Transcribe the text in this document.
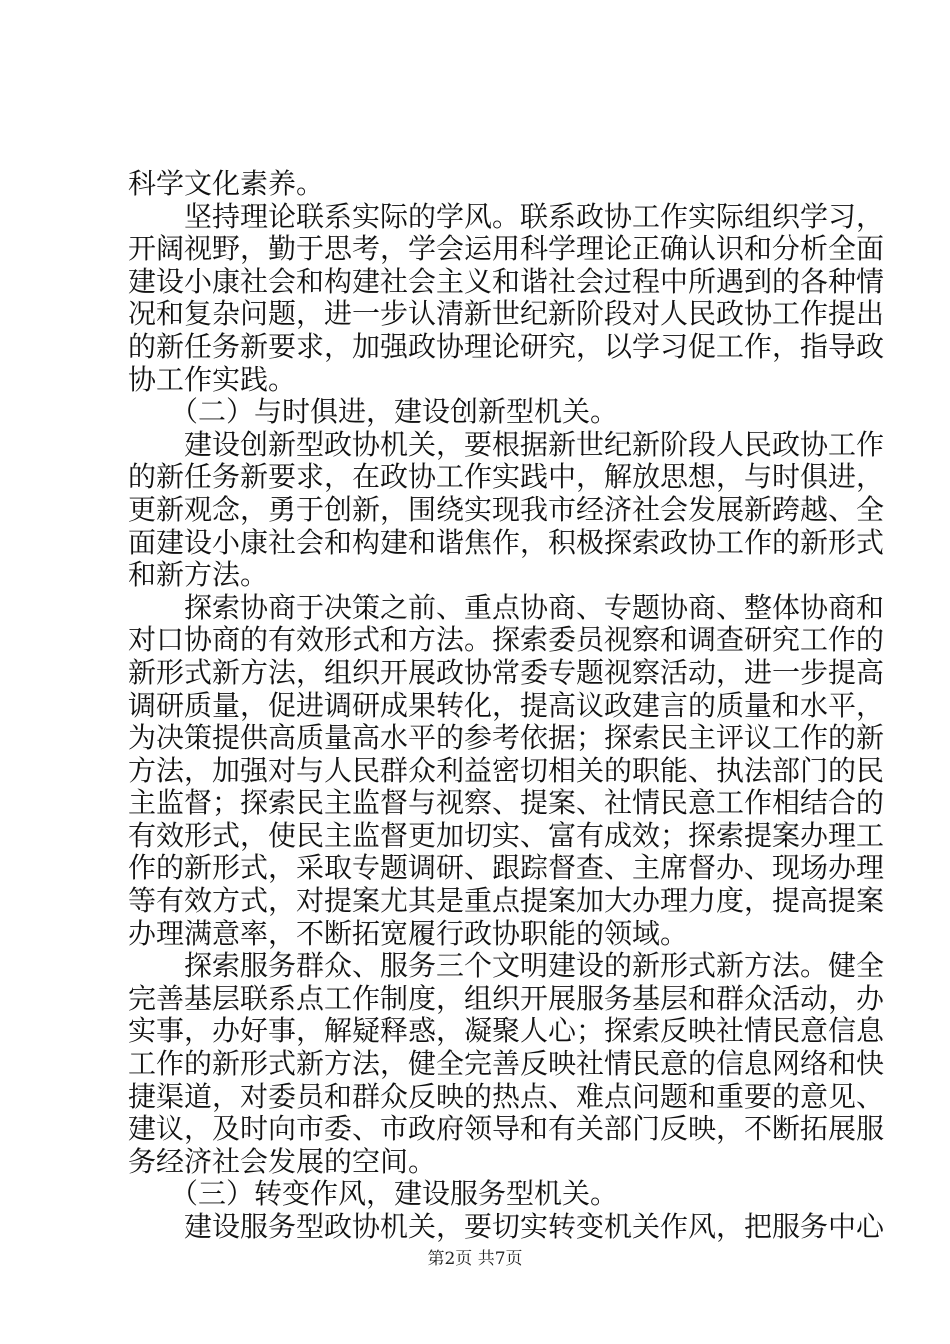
科学文化素养。
　　坚持理论联系实际的学风。联系政协工作实际组织学习，
开阔视野，勤于思考，学会运用科学理论正确认识和分析全面
建设小康社会和构建社会主义和谐社会过程中所遇到的各种情
况和复杂问题，进一步认清新世纪新阶段对人民政协工作提出
的新任务新要求，加强政协理论研究，以学习促工作，指导政
协工作实践。
　　（二）与时俱进，建设创新型机关。
　　建设创新型政协机关，要根据新世纪新阶段人民政协工作
的新任务新要求，在政协工作实践中，解放思想，与时俱进，
更新观念，勇于创新，围绕实现我市经济社会发展新跨越、全
面建设小康社会和构建和谐焦作，积极探索政协工作的新形式
和新方法。
　　探索协商于决策之前、重点协商、专题协商、整体协商和
对口协商的有效形式和方法。探索委员视察和调查研究工作的
新形式新方法，组织开展政协常委专题视察活动，进一步提高
调研质量，促进调研成果转化，提高议政建言的质量和水平，
为决策提供高质量高水平的参考依据；探索民主评议工作的新
方法，加强对与人民群众利益密切相关的职能、执法部门的民
主监督；探索民主监督与视察、提案、社情民意工作相结合的
有效形式，使民主监督更加切实、富有成效；探索提案办理工
作的新形式，采取专题调研、跟踪督查、主席督办、现场办理
等有效方式，对提案尤其是重点提案加大办理力度，提高提案
办理满意率，不断拓宽履行政协职能的领域。
　　探索服务群众、服务三个文明建设的新形式新方法。健全
完善基层联系点工作制度，组织开展服务基层和群众活动，办
实事，办好事，解疑释惑，凝聚人心；探索反映社情民意信息
工作的新形式新方法，健全完善反映社情民意的信息网络和快
捷渠道，对委员和群众反映的热点、难点问题和重要的意见、
建议，及时向市委、市政府领导和有关部门反映，不断拓展服
务经济社会发展的空间。
　　（三）转变作风，建设服务型机关。
　　建设服务型政协机关，要切实转变机关作风，把服务中心
第2页 共7页
